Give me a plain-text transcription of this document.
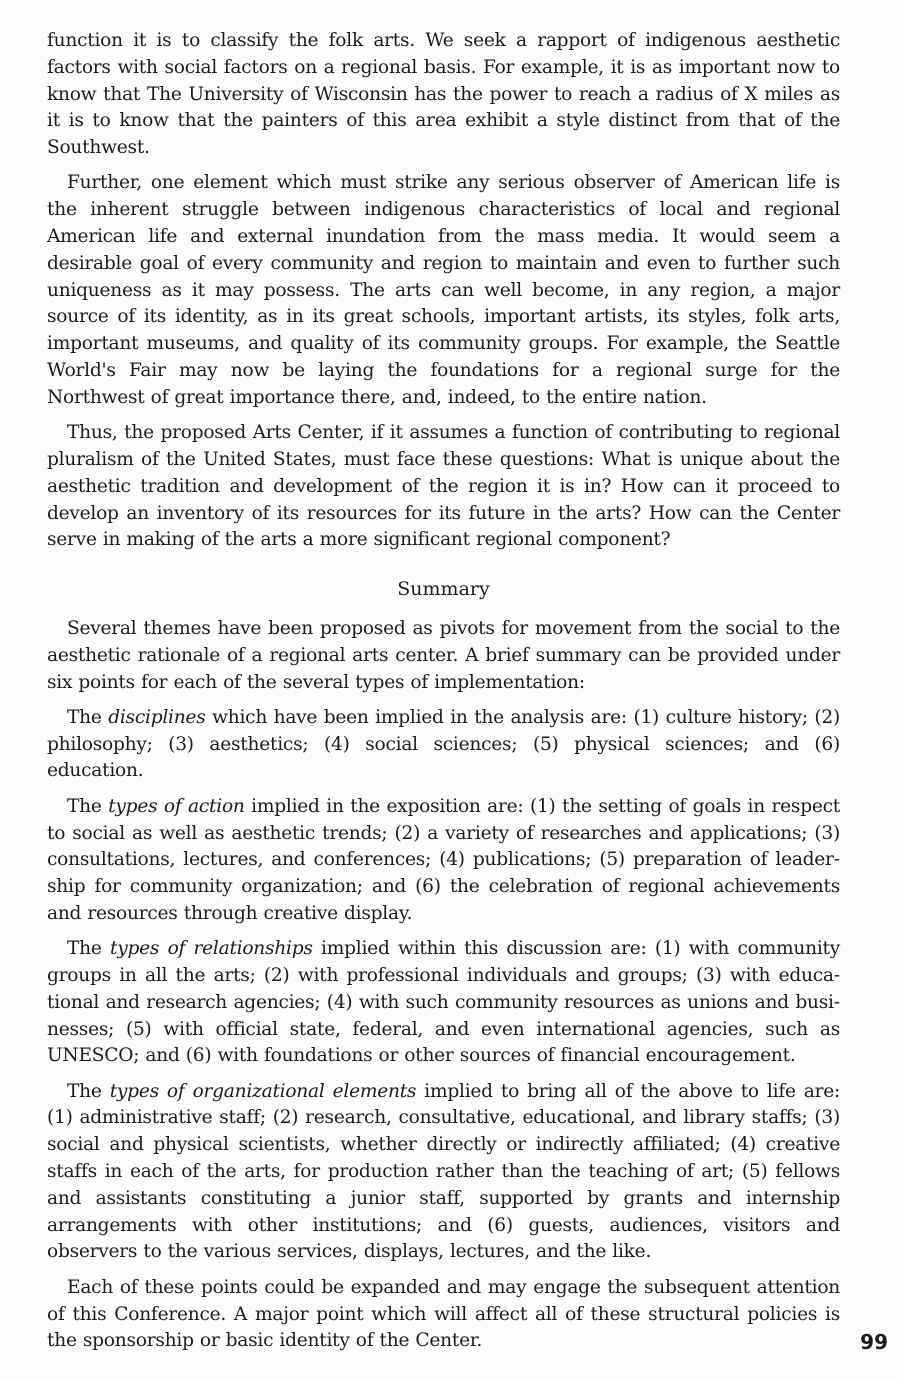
function it is to classify the folk arts. We seek a rapport of indigenous aesthetic factors with social factors on a regional basis. For example, it is as important now to know that The University of Wisconsin has the power to reach a radius of X miles as it is to know that the painters of this area exhibit a style distinct from that of the Southwest.

Further, one element which must strike any serious observer of American life is the inherent struggle between indigenous characteristics of local and regional American life and external inundation from the mass media. It would seem a desirable goal of every community and region to maintain and even to further such uniqueness as it may possess. The arts can well become, in any region, a major source of its identity, as in its great schools, important artists, its styles, folk arts, important museums, and quality of its community groups. For example, the Seattle World's Fair may now be laying the foundations for a regional surge for the Northwest of great importance there, and, indeed, to the entire nation.

Thus, the proposed Arts Center, if it assumes a function of contributing to regional pluralism of the United States, must face these questions: What is unique about the aesthetic tradition and development of the region it is in? How can it proceed to develop an inventory of its resources for its future in the arts? How can the Center serve in making of the arts a more significant regional component?

Summary

Several themes have been proposed as pivots for movement from the social to the aesthetic rationale of a regional arts center. A brief summary can be provided under six points for each of the several types of implementation:

The disciplines which have been implied in the analysis are: (1) culture history; (2) philosophy; (3) aesthetics; (4) social sciences; (5) physical sciences; and (6) education.

The types of action implied in the exposition are: (1) the setting of goals in respect to social as well as aesthetic trends; (2) a variety of researches and applications; (3) consultations, lectures, and conferences; (4) publications; (5) preparation of leadership for community organization; and (6) the celebration of regional achievements and resources through creative display.

The types of relationships implied within this discussion are: (1) with community groups in all the arts; (2) with professional individuals and groups; (3) with educational and research agencies; (4) with such community resources as unions and businesses; (5) with official state, federal, and even international agencies, such as UNESCO; and (6) with foundations or other sources of financial encouragement.

The types of organizational elements implied to bring all of the above to life are: (1) administrative staff; (2) research, consultative, educational, and library staffs; (3) social and physical scientists, whether directly or indirectly affiliated; (4) creative staffs in each of the arts, for production rather than the teaching of art; (5) fellows and assistants constituting a junior staff, supported by grants and internship arrangements with other institutions; and (6) guests, audiences, visitors and observers to the various services, displays, lectures, and the like.

Each of these points could be expanded and may engage the subsequent attention of this Conference. A major point which will affect all of these structural policies is the sponsorship or basic identity of the Center.	99
